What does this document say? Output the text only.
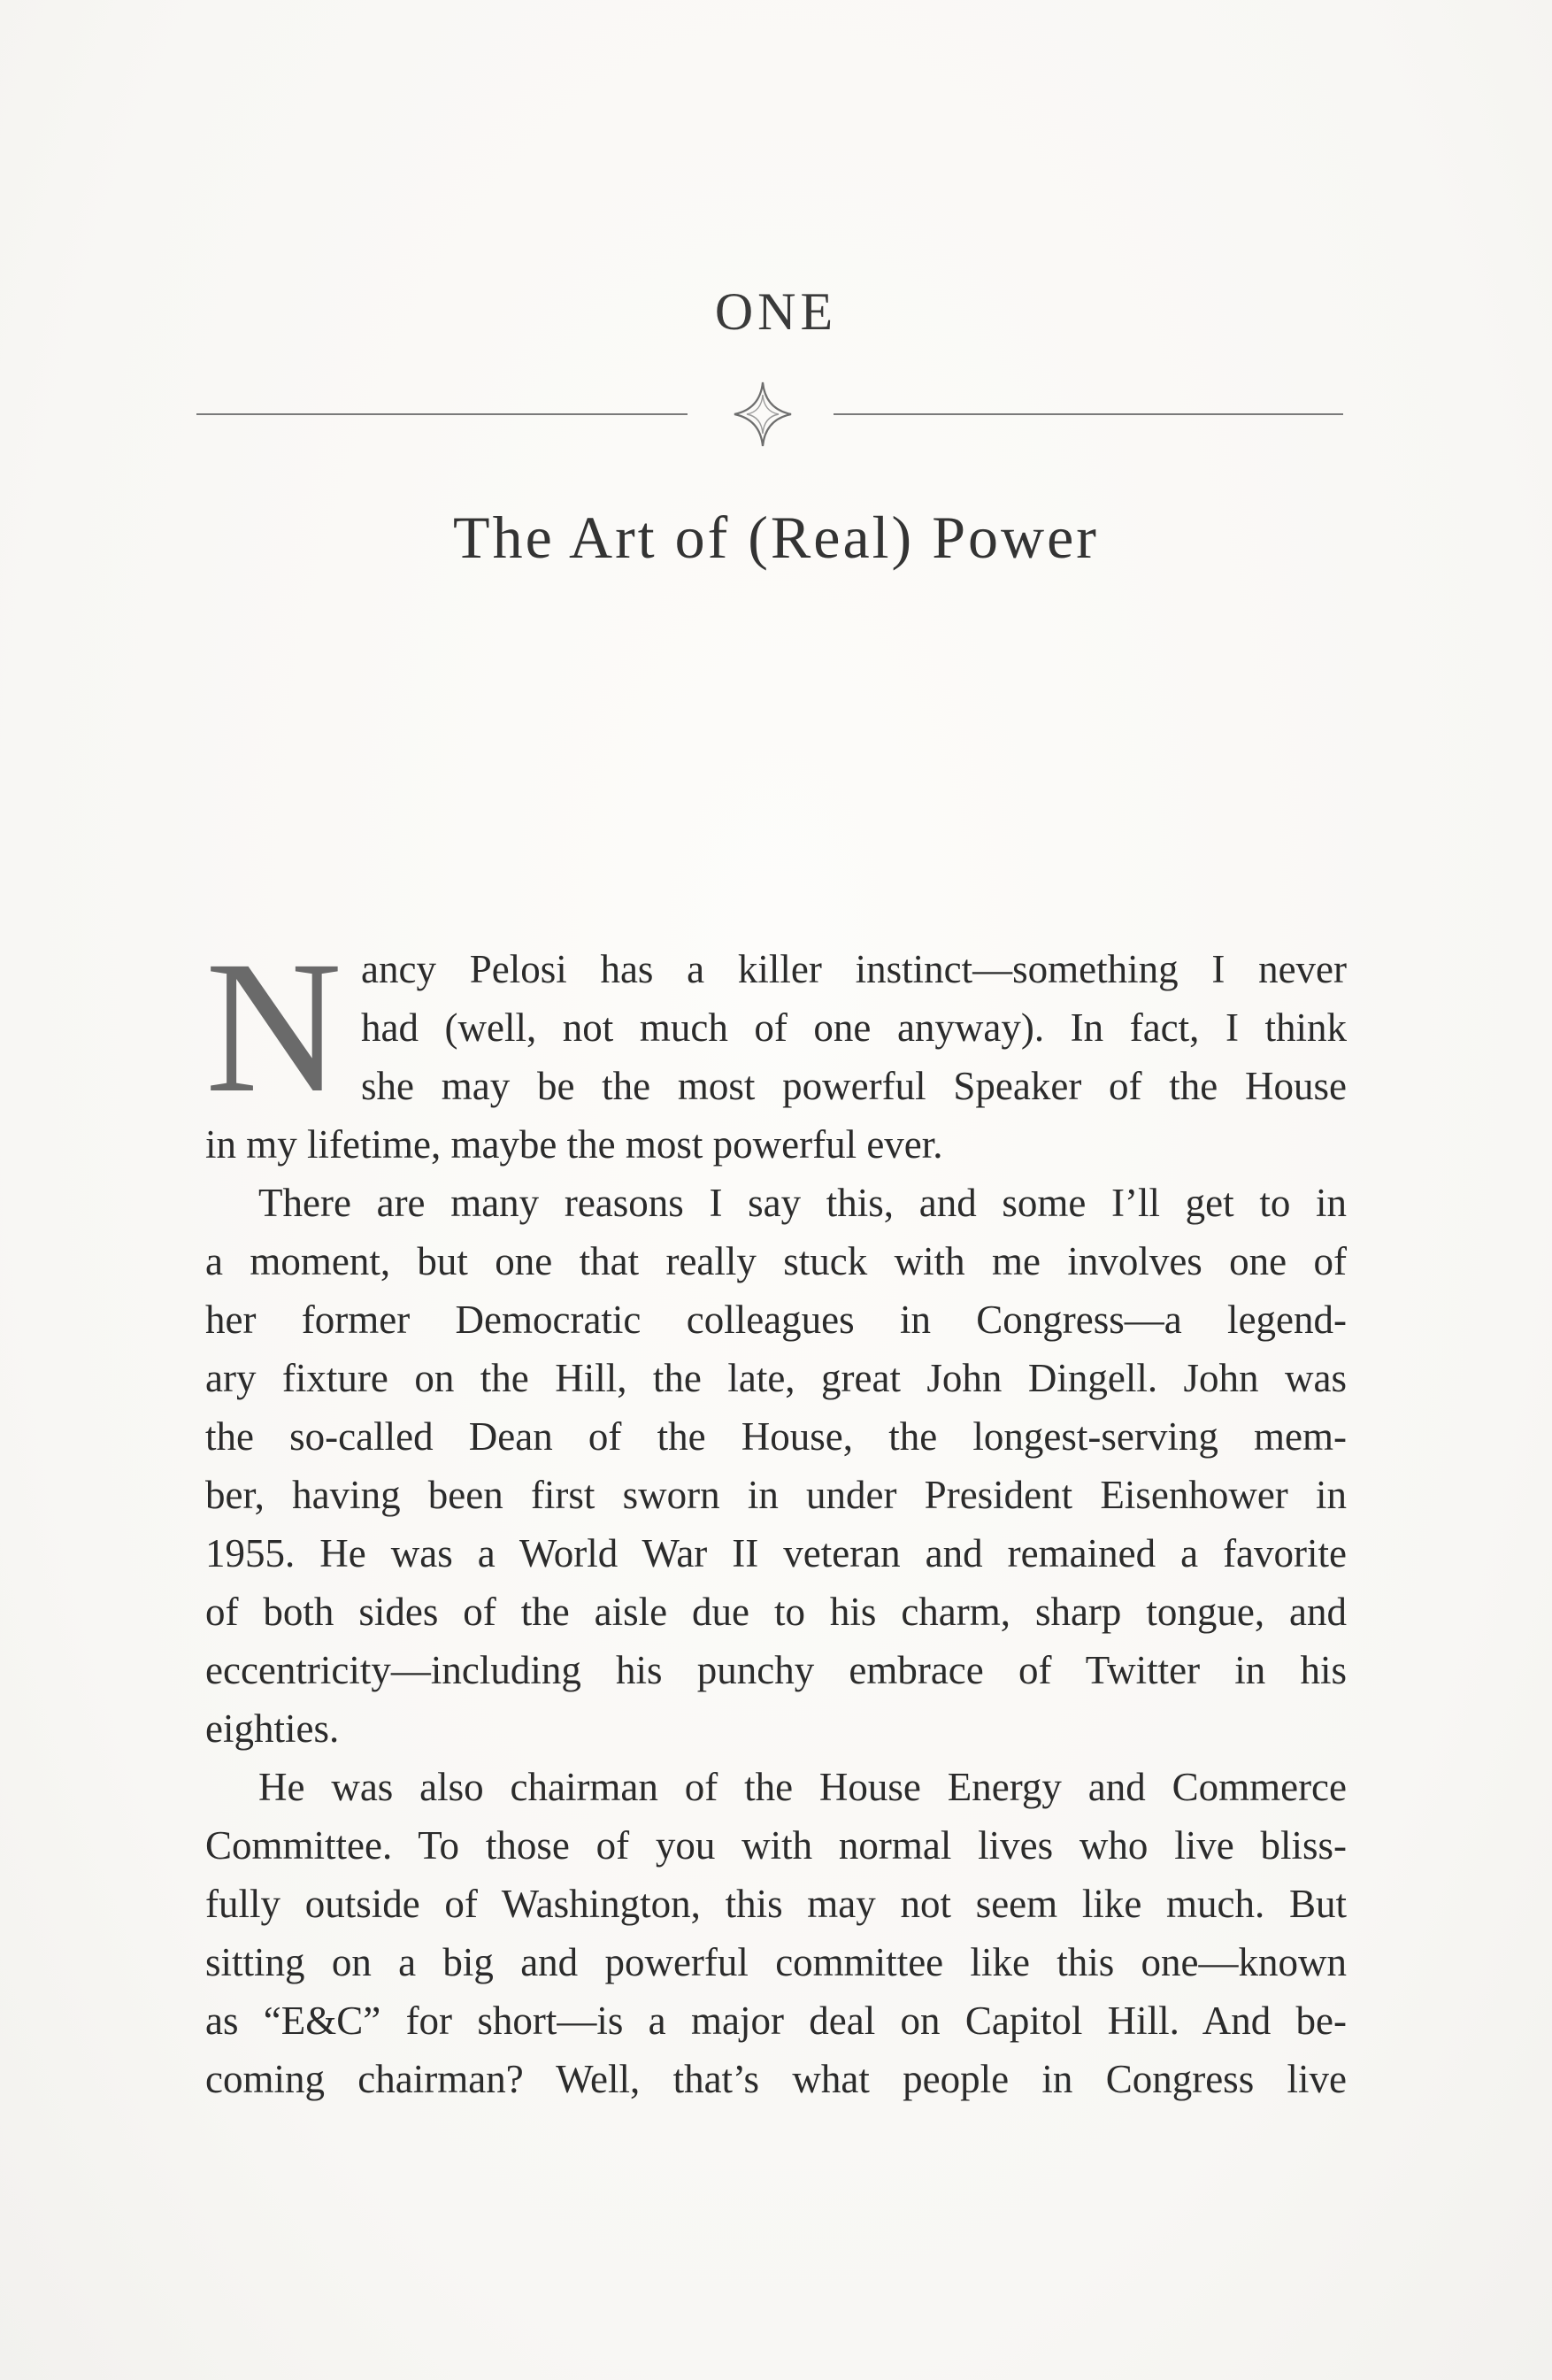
ONE
The Art of (Real) Power
N ancy Pelosi has a killer instinct—something I never
had (well, not much of one anyway). In fact, I think
she may be the most powerful Speaker of the House
in my lifetime, maybe the most powerful ever.
There are many reasons I say this, and some I’ll get to in
a moment, but one that really stuck with me involves one of
her former Democratic colleagues in Congress—a legend-
ary fixture on the Hill, the late, great John Dingell. John was
the so-called Dean of the House, the longest-serving mem-
ber, having been first sworn in under President Eisenhower in
1955. He was a World War II veteran and remained a favorite
of both sides of the aisle due to his charm, sharp tongue, and
eccentricity—including his punchy embrace of Twitter in his
eighties.
He was also chairman of the House Energy and Commerce
Committee. To those of you with normal lives who live bliss-
fully outside of Washington, this may not seem like much. But
sitting on a big and powerful committee like this one—known
as “E&C” for short—is a major deal on Capitol Hill. And be-
coming chairman? Well, that’s what people in Congress live
